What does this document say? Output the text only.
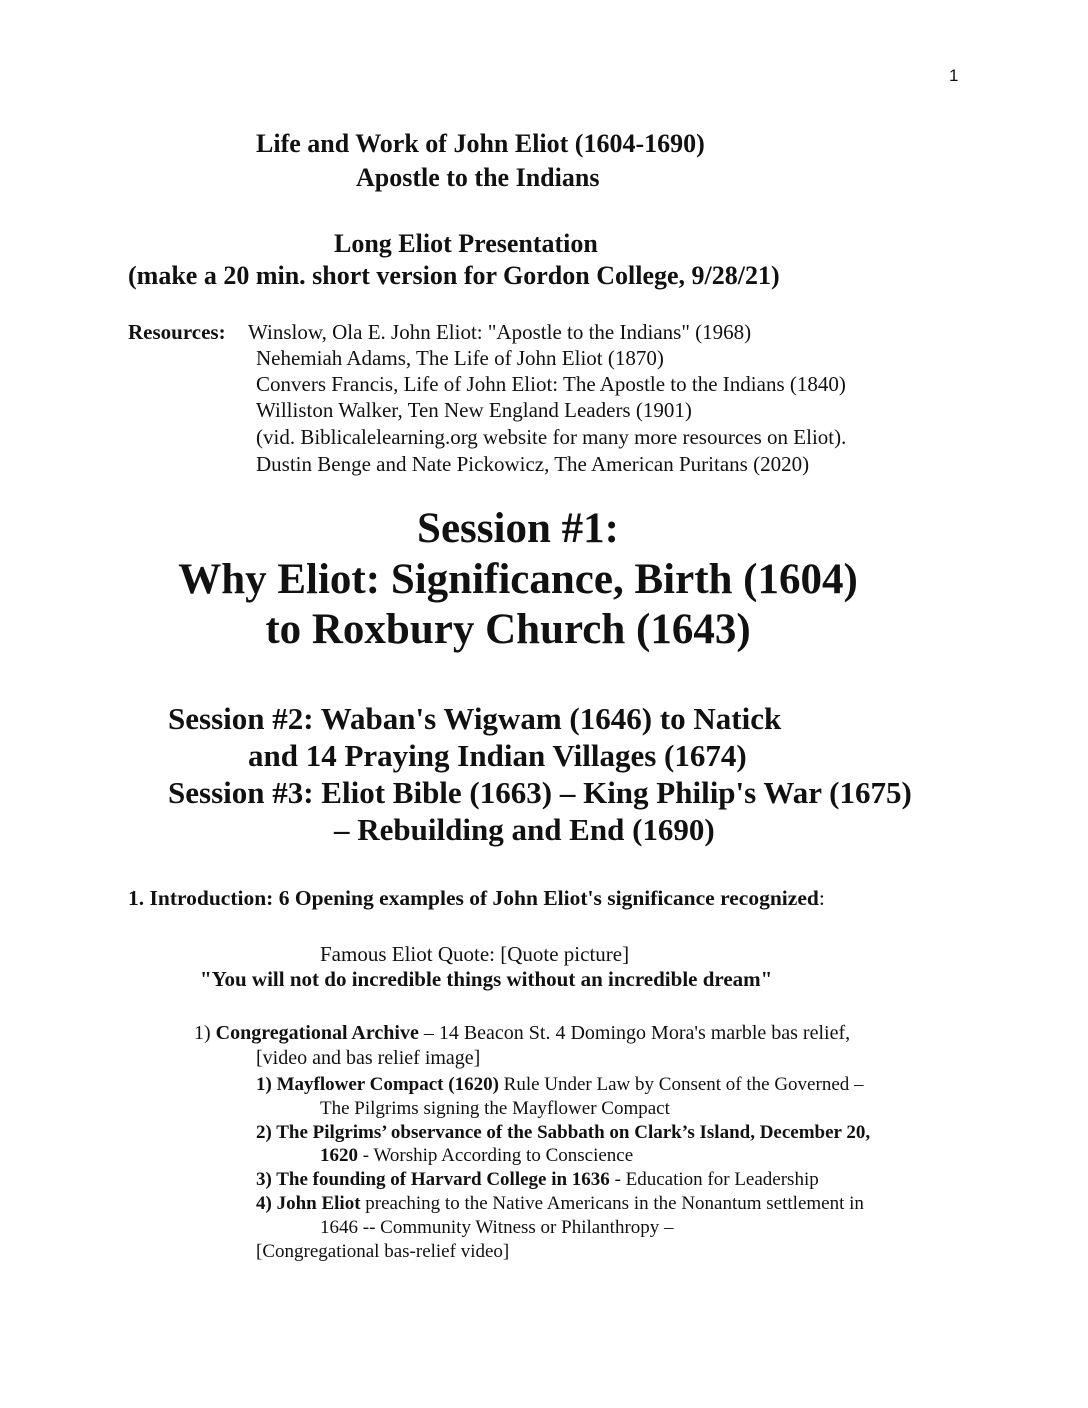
1
Life and Work of John Eliot (1604-1690)
Apostle to the Indians
Long Eliot Presentation
(make a 20 min. short version for Gordon College, 9/28/21)
Resources: Winslow, Ola E. John Eliot: "Apostle to the Indians" (1968)
Nehemiah Adams, The Life of John Eliot (1870)
Convers Francis, Life of John Eliot: The Apostle to the Indians (1840)
Williston Walker, Ten New England Leaders (1901)
(vid. Biblicalelearning.org website for many more resources on Eliot).
Dustin Benge and Nate Pickowicz, The American Puritans (2020)
Session #1:
Why Eliot: Significance, Birth (1604)
to Roxbury Church (1643)
Session #2: Waban's Wigwam (1646) to Natick
and 14 Praying Indian Villages (1674)
Session #3: Eliot Bible (1663) – King Philip's War (1675)
– Rebuilding and End (1690)
1. Introduction: 6 Opening examples of John Eliot's significance recognized:
Famous Eliot Quote: [Quote picture]
"You will not do incredible things without an incredible dream"
1) Congregational Archive – 14 Beacon St. 4 Domingo Mora's marble bas relief,
[video and bas relief image]
1) Mayflower Compact (1620) Rule Under Law by Consent of the Governed –
The Pilgrims signing the Mayflower Compact
2) The Pilgrims’ observance of the Sabbath on Clark’s Island, December 20,
1620 - Worship According to Conscience
3) The founding of Harvard College in 1636 - Education for Leadership
4) John Eliot preaching to the Native Americans in the Nonantum settlement in
1646 -- Community Witness or Philanthropy –
[Congregational bas-relief video]
